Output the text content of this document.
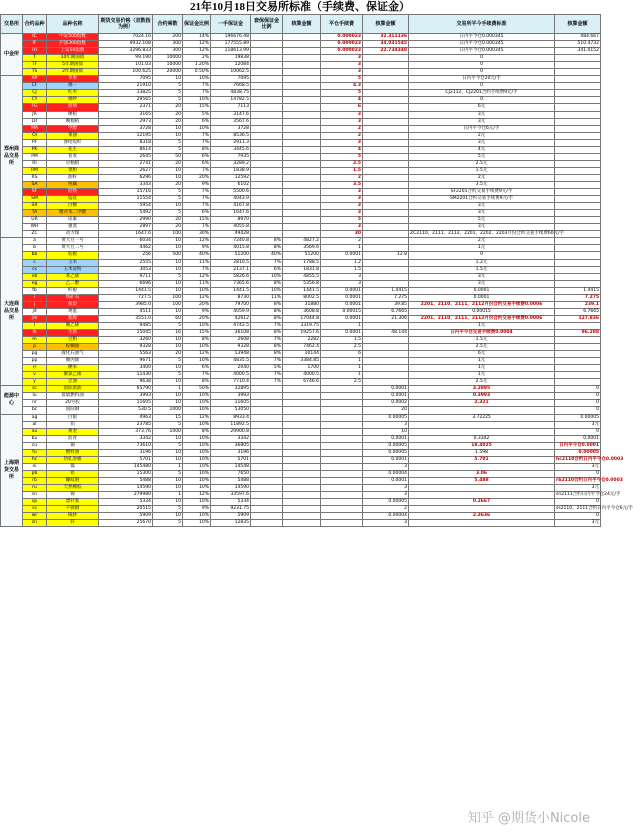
21年10月18日交易所标准（手续费、保证金）
交易所	合约品种	品种名称	期货交易价格（双数指为例）	合约乘数	保证金比例	一手保证金	套保保证金比例	核算金额	平仓手续费	核算金额	交易所平今手续费标准	核算金额
中金所	IC	中证500指数	7024.16	200	14%	196676.48			0.000023	32.311136	日内平今仓0.000345	484.667
	IF	沪深300指数	4932.108	300	12%	177555.89			0.000023	34.031545	日内平今仓0.000345	510.4732
	IH	上证50指数	3296.833	300	12%	118613.99			0.000023	22.734348	日内平今仓0.000345	341.0152
	T	10年期国债	99.190	10000	2%	19838			3		0	
	TF	5年期国债	101.03	10000	1.20%	12084			3		0	
	TS	2年期国债	100.625	20000	0.50%	10062.5			3		0	
郑州商品交易所	AP	苹果	7095	10	10%	7095			5		日内平今仓20元/手	
	CF	棉一	21910	5	7%	7668.5			4.3		0	
	CJ	红枣	13825	5	7%	4838.75			5		CJ2112、CJ2201合约手续费9元/手	
	CY	棉纱	29565	5	10%	14782.5			4		0	
	FG	玻璃	2371	20	15%	7113			6		6元	
	JR	粳稻	3165	20	5%	3147.6			3		3元	
	LR	晚籼稻	2973	20	6%	3567.6			3		3元	
	MA	甲醇	3728	10	10%	3728			2		日内平今仓6元/手	
	OI	菜油	12195	10	7%	8536.5			2		2元	
	PF	涤纶短纤	8318	5	7%	2911.3			3		3元	
	PK	花生	8614	5	8%	3445.6			4		4元	
	PM	普麦	2645	50	6%	7935			5		5元	
	RI	早籼稻	2741	20	6%	3289.2			2.5		2.5元	
	RM	菜粕	2627	10	7%	1838.9			1.5		1.5元	
	RS	油籽	6296	10	20%	12592			2		2元	
	SA	纯碱	3343	20	9%	6102			3.5		3.5元	
	SF	硅铁	15716	5	7%	5500.6			3		SF2201合约交易手续费9元/手	
	SM	锰硅	11554	5	7%	4043.9			3		SM2201合约交易手续费9元/手	
	SR	白糖	5954	10	7%	4167.8			3		3元	
	TA	精对苯二甲酸	5492	5	6%	1647.6			3		3元	
	UR	尿素	2990	20	15%	8970			5		5元	
	WH	强麦	2897	20	7%	4055.8			3		3元	
	ZC	动力煤	1647.6	100	30%	49428			30		ZC2110、2111、2112、2201、2202、2203月份合约交易手续费60元/手	
大连商品交易所	a	黄大豆一号	6034	10	12%	7240.8	8%	4827.2	2		2元	
	b	黄大豆二号	4462	10	9%	4015.8	8%	3569.6	1		1元	
	bb	胶板	256	500	40%	51200	40%	51200	0.0001	12.8	0	
	c	玉米	2555	10	11%	2810.5	7%	1788.5	1.2		1.2元	
	cs	玉米淀粉	3053	10	7%	2137.1	6%	1831.8	1.5		1.5元	
	eb	苯乙烯	9711	5	12%	5826.6	10%	4855.5	3		3元	
	eg	乙二醇	6696	10	11%	7365.6	8%	5356.8	3		3元	
	fb	纤板	1441.5	10	10%	1441.5	10%	1441.5	0.0001	1.4415	0.0001	1.4415
	i	铁矿石	727.5	100	12%	8730	11%	8002.5	0.0001	7.275	0.0001	7.275
	j	焦炭	3985.0	100	20%	79700	8%	31880	0.0001	39.85	2201、2110、2111、2112月份合约交易手续费0.0006	239.1
	jd	鸡蛋	4511	10	9%	4059.9	8%	3608.8	0.00015	6.7665	0.00015	6.7665
	jm	焦煤	3551.0	60	20%	42612	8%	17044.8	0.0001	21.306	2201、2110、2111、2112月份合约交易手续费0.0006	127.836
	l	聚乙烯	9485	5	10%	4742.5	7%	3319.75	1		1元	
	lh	生猪	15045	16	15%	36108	8%	19257.6	0.0001	48.144	日内平今仓交易手续费0.0004	96.288
	m	豆粕	3260	10	8%	2608	7%	2282	1.5		1.5元	
	p	棕榈油	9328	10	10%	9328	8%	7462.4	2.5		2.5元	
	pg	液化石油气	5563	20	12%	13948	8%	10144	6		6元	
	pp	聚丙烯	9671	5	10%	4835.5	7%	3384.85	1		1元	
	rr	粳米	3400	10	6%	2040	5%	1700	1		1元	
	v	聚氯乙烯	11430	5	7%	4000.5	7%	4000.5	1		1元	
	y	豆油	9638	10	8%	7710.4	7%	6746.6	2.5		2.5元	
能源中心	sc	国际原油	65790	1	50%	32895				0.0001	3.2895	0
	lu	低硫燃料油	3993	10	10%	3993				0.0001	0.3993	0
	nr	20号胶	11605	10	10%	11605				0.0002	2.321	0
	bc	国际铜	530.5	1000	10%	53050				20		0
上海期货交易所	ag	白银	4963	15	12%	8933.4				0.00005	3.72225	0.00005
	al	铝	23785	5	10%	11892.5				3		3元
	au	黄金	373.76	1000	8%	29900.8				10		0
	bu	沥青	3342	10	10%	3342				0.0001	0.3342	0.0001
	cu	铜	73610	5	10%	36805				0.00005	18.4025	日内平今仓0.0001
	fu	燃料油	3196	10	10%	3196				0.00005	1.598	0.00005
	hc	热轧卷板	5701	10	10%	5701				0.0001	5.701	hc2110合约日内平今仓0.0003
	ni	镍	145480	1	10%	14548				3		3元
	pb	铅	15300	5	10%	7650				0.00004	3.06	0
	rb	螺纹钢	5488	10	10%	5488				0.0001	5.488	rb2110合约日内平今仓0.0003
	ru	天然橡胶	14590	10	10%	14590				3		3元
	sn	锡	279980	1	12%	33597.6				3		sn2111合约日内平今仓24元/手
	sp	漂针浆	5334	10	10%	5334				0.00005	0.2667	0
	ss	不锈钢	20515	5	9%	9231.75				2		ss2110、2111合约日内平今仓6元/手
	wr	线材	5909	10	10%	5909				0.00004	2.3636	0
	zn	锌	25670	5	10%	12835				3		3元
知乎 @期货小Nicole
